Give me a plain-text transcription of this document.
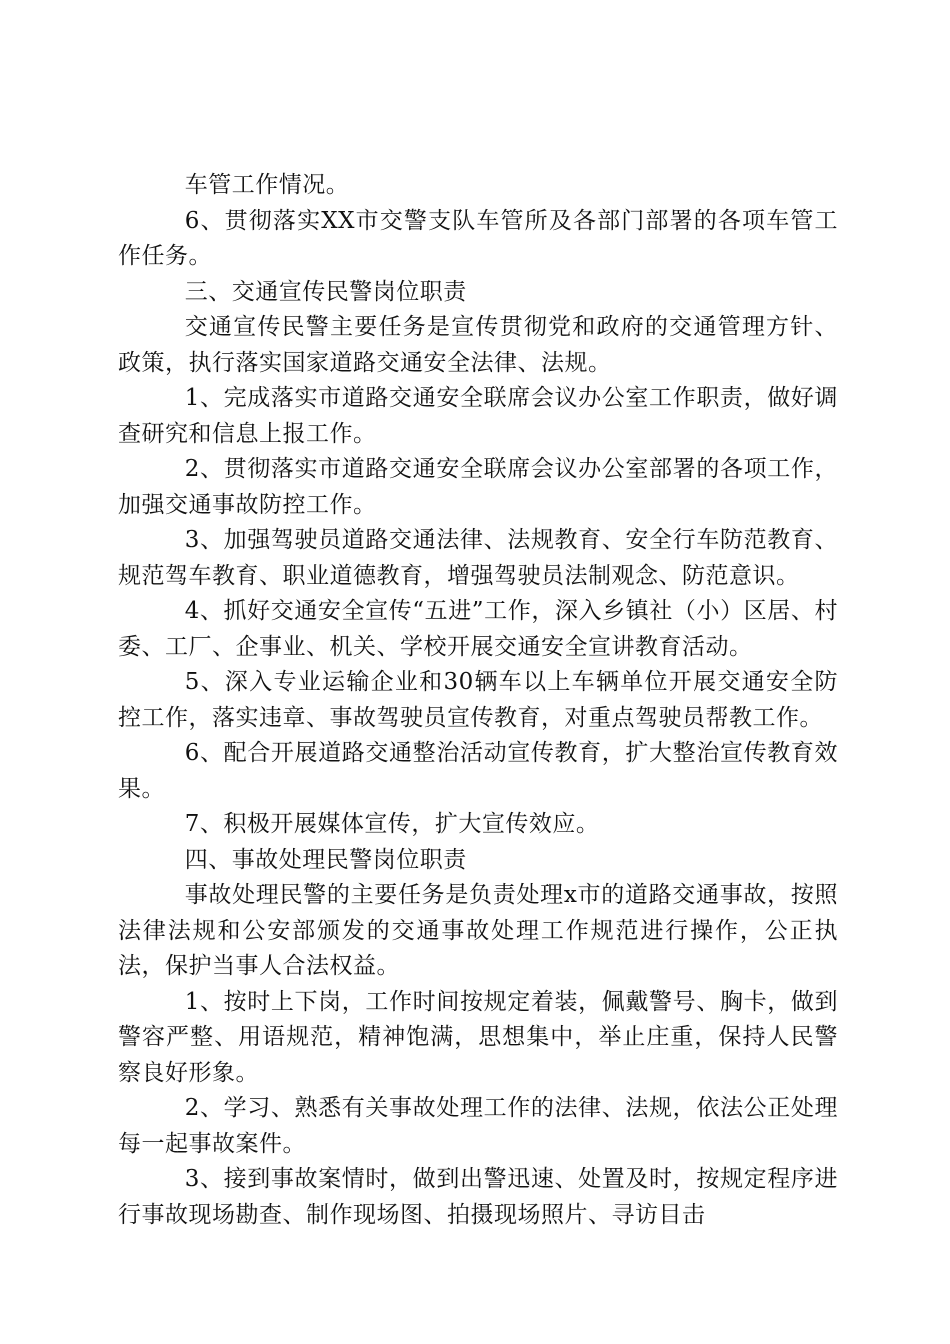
车管工作情况。

6、贯彻落实XX市交警支队车管所及各部门部署的各项车管工作任务。

三、交通宣传民警岗位职责

交通宣传民警主要任务是宣传贯彻党和政府的交通管理方针、政策，执行落实国家道路交通安全法律、法规。

1、完成落实市道路交通安全联席会议办公室工作职责，做好调查研究和信息上报工作。

2、贯彻落实市道路交通安全联席会议办公室部署的各项工作，加强交通事故防控工作。

3、加强驾驶员道路交通法律、法规教育、安全行车防范教育、规范驾车教育、职业道德教育，增强驾驶员法制观念、防范意识。

4、抓好交通安全宣传“五进”工作，深入乡镇社（小）区居、村委、工厂、企事业、机关、学校开展交通安全宣讲教育活动。

5、深入专业运输企业和30辆车以上车辆单位开展交通安全防控工作，落实违章、事故驾驶员宣传教育，对重点驾驶员帮教工作。

6、配合开展道路交通整治活动宣传教育，扩大整治宣传教育效果。

7、积极开展媒体宣传，扩大宣传效应。

四、事故处理民警岗位职责

事故处理民警的主要任务是负责处理x市的道路交通事故，按照法律法规和公安部颁发的交通事故处理工作规范进行操作，公正执法，保护当事人合法权益。

1、按时上下岗，工作时间按规定着装，佩戴警号、胸卡，做到警容严整、用语规范，精神饱满，思想集中，举止庄重，保持人民警察良好形象。

2、学习、熟悉有关事故处理工作的法律、法规，依法公正处理每一起事故案件。

3、接到事故案情时，做到出警迅速、处置及时，按规定程序进行事故现场勘查、制作现场图、拍摄现场照片、寻访目击
